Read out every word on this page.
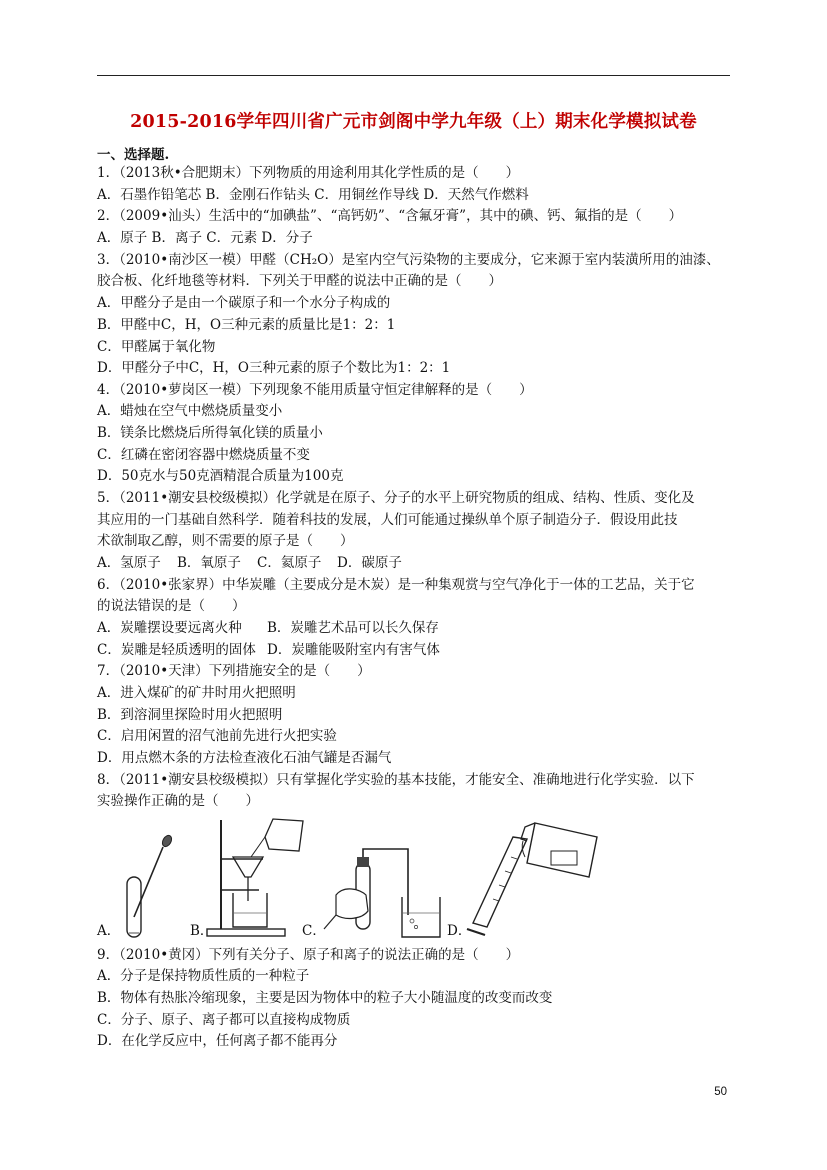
2015-2016学年四川省广元市剑阁中学九年级（上）期末化学模拟试卷
一、选择题.
1．（2013秋•合肥期末）下列物质的用途利用其化学性质的是（　　）
A．石墨作铅笔芯 B．金刚石作钻头 C．用铜丝作导线 D．天然气作燃料
2．（2009•汕头）生活中的“加碘盐”、“高钙奶”、“含氟牙膏”，其中的碘、钙、氟指的是（　　）
A．原子 B．离子 C．元素 D．分子
3．（2010•南沙区一模）甲醛（CH₂O）是室内空气污染物的主要成分，它来源于室内装潢所用的油漆、
胶合板、化纤地毯等材料．下列关于甲醛的说法中正确的是（　　）
A．甲醛分子是由一个碳原子和一个水分子构成的
B．甲醛中C，H，O三种元素的质量比是1：2：1
C．甲醛属于氧化物
D．甲醛分子中C，H，O三种元素的原子个数比为1：2：1
4．（2010•萝岗区一模）下列现象不能用质量守恒定律解释的是（　　）
A．蜡烛在空气中燃烧质量变小
B．镁条比燃烧后所得氧化镁的质量小
C．红磷在密闭容器中燃烧质量不变
D．50克水与50克酒精混合质量为100克
5．（2011•潮安县校级模拟）化学就是在原子、分子的水平上研究物质的组成、结构、性质、变化及
其应用的一门基础自然科学．随着科技的发展，人们可能通过操纵单个原子制造分子．假设用此技
术欲制取乙醇，则不需要的原子是（　　）
A．氢原子 B．氧原子 C．氦原子 D．碳原子
6．（2010•张家界）中华炭雕（主要成分是木炭）是一种集观赏与空气净化于一体的工艺品，关于它
的说法错误的是（　　）
A．炭雕摆设要远离火种 B．炭雕艺术品可以长久保存
C．炭雕是轻质透明的固体 D．炭雕能吸附室内有害气体
7．（2010•天津）下列措施安全的是（　　）
A．进入煤矿的矿井时用火把照明
B．到溶洞里探险时用火把照明
C．启用闲置的沼气池前先进行火把实验
D．用点燃木条的方法检查液化石油气罐是否漏气
8．（2011•潮安县校级模拟）只有掌握化学实验的基本技能，才能安全、准确地进行化学实验．以下
实验操作正确的是（　　）
A．	B．	C．	D．
9．（2010•黄冈）下列有关分子、原子和离子的说法正确的是（　　）
A．分子是保持物质性质的一种粒子
B．物体有热胀冷缩现象，主要是因为物体中的粒子大小随温度的改变而改变
C．分子、原子、离子都可以直接构成物质
D．在化学反应中，任何离子都不能再分
50
